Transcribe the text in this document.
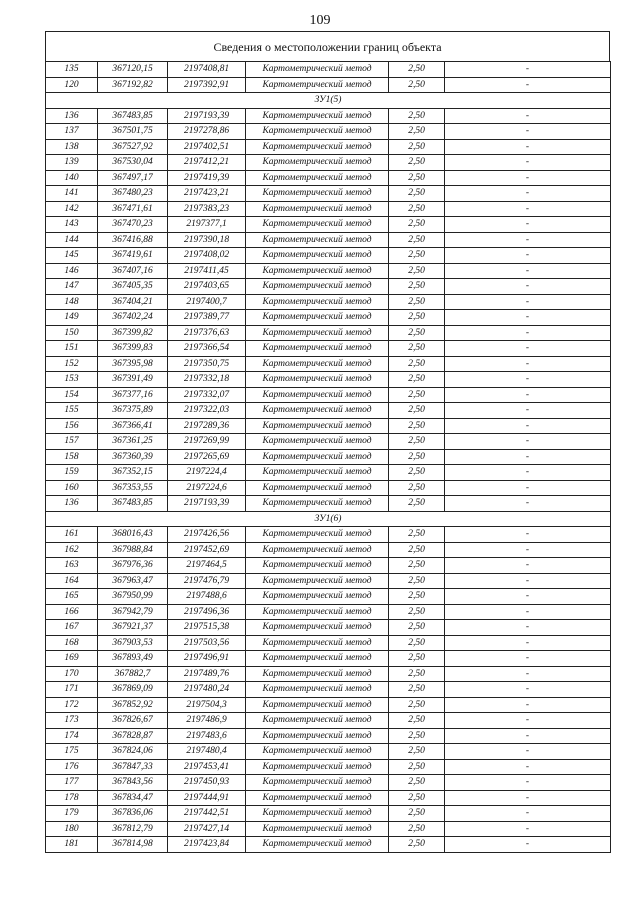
109
Сведения о местоположении границ объекта
135	367120,15	2197408,81	Картометрический метод	2,50	-
120	367192,82	2197392,91	Картометрический метод	2,50	-
ЗУ1(5)					
136	367483,85	2197193,39	Картометрический метод	2,50	-
137	367501,75	2197278,86	Картометрический метод	2,50	-
138	367527,92	2197402,51	Картометрический метод	2,50	-
139	367530,04	2197412,21	Картометрический метод	2,50	-
140	367497,17	2197419,39	Картометрический метод	2,50	-
141	367480,23	2197423,21	Картометрический метод	2,50	-
142	367471,61	2197383,23	Картометрический метод	2,50	-
143	367470,23	2197377,1	Картометрический метод	2,50	-
144	367416,88	2197390,18	Картометрический метод	2,50	-
145	367419,61	2197408,02	Картометрический метод	2,50	-
146	367407,16	2197411,45	Картометрический метод	2,50	-
147	367405,35	2197403,65	Картометрический метод	2,50	-
148	367404,21	2197400,7	Картометрический метод	2,50	-
149	367402,24	2197389,77	Картометрический метод	2,50	-
150	367399,82	2197376,63	Картометрический метод	2,50	-
151	367399,83	2197366,54	Картометрический метод	2,50	-
152	367395,98	2197350,75	Картометрический метод	2,50	-
153	367391,49	2197332,18	Картометрический метод	2,50	-
154	367377,16	2197332,07	Картометрический метод	2,50	-
155	367375,89	2197322,03	Картометрический метод	2,50	-
156	367366,41	2197289,36	Картометрический метод	2,50	-
157	367361,25	2197269,99	Картометрический метод	2,50	-
158	367360,39	2197265,69	Картометрический метод	2,50	-
159	367352,15	2197224,4	Картометрический метод	2,50	-
160	367353,55	2197224,6	Картометрический метод	2,50	-
136	367483,85	2197193,39	Картометрический метод	2,50	-
ЗУ1(6)					
161	368016,43	2197426,56	Картометрический метод	2,50	-
162	367988,84	2197452,69	Картометрический метод	2,50	-
163	367976,36	2197464,5	Картометрический метод	2,50	-
164	367963,47	2197476,79	Картометрический метод	2,50	-
165	367950,99	2197488,6	Картометрический метод	2,50	-
166	367942,79	2197496,36	Картометрический метод	2,50	-
167	367921,37	2197515,38	Картометрический метод	2,50	-
168	367903,53	2197503,56	Картометрический метод	2,50	-
169	367893,49	2197496,91	Картометрический метод	2,50	-
170	367882,7	2197489,76	Картометрический метод	2,50	-
171	367869,09	2197480,24	Картометрический метод	2,50	-
172	367852,92	2197504,3	Картометрический метод	2,50	-
173	367826,67	2197486,9	Картометрический метод	2,50	-
174	367828,87	2197483,6	Картометрический метод	2,50	-
175	367824,06	2197480,4	Картометрический метод	2,50	-
176	367847,33	2197453,41	Картометрический метод	2,50	-
177	367843,56	2197450,93	Картометрический метод	2,50	-
178	367834,47	2197444,91	Картометрический метод	2,50	-
179	367836,06	2197442,51	Картометрический метод	2,50	-
180	367812,79	2197427,14	Картометрический метод	2,50	-
181	367814,98	2197423,84	Картометрический метод	2,50	-
